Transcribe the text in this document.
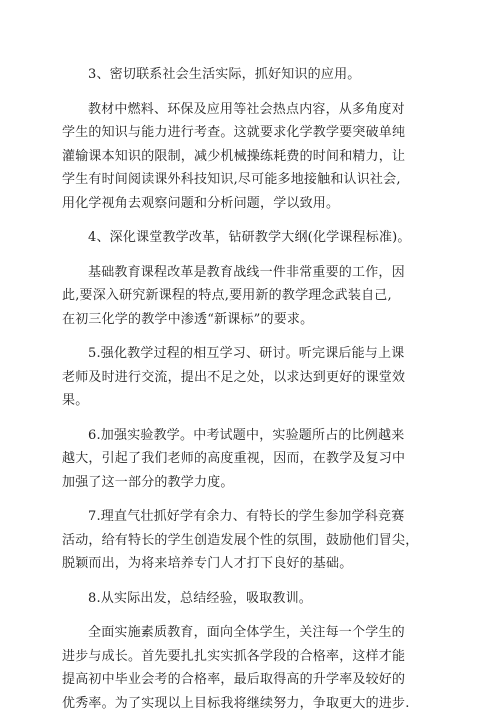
3、密切联系社会生活实际，抓好知识的应用。
教材中燃料、环保及应用等社会热点内容，从多角度对
学生的知识与能力进行考查。这就要求化学教学要突破单纯
灌输课本知识的限制，减少机械操练耗费的时间和精力，让
学生有时间阅读课外科技知识,尽可能多地接触和认识社会,
用化学视角去观察问题和分析问题，学以致用。
4、深化课堂教学改革，钻研教学大纲(化学课程标准)。
基础教育课程改革是教育战线一件非常重要的工作，因
此,要深入研究新课程的特点,要用新的教学理念武装自己,
在初三化学的教学中渗透“新课标”的要求。
5.强化教学过程的相互学习、研讨。听完课后能与上课
老师及时进行交流，提出不足之处，以求达到更好的课堂效
果。
6.加强实验教学。中考试题中，实验题所占的比例越来
越大，引起了我们老师的高度重视，因而，在教学及复习中
加强了这一部分的教学力度。
7.理直气壮抓好学有余力、有特长的学生参加学科竞赛
活动，给有特长的学生创造发展个性的氛围，鼓励他们冒尖，
脱颖而出，为将来培养专门人才打下良好的基础。
8.从实际出发，总结经验，吸取教训。
全面实施素质教育，面向全体学生，关注每一个学生的
进步与成长。首先要扎扎实实抓各学段的合格率，这样才能
提高初中毕业会考的合格率，最后取得高的升学率及较好的
优秀率。为了实现以上目标我将继续努力，争取更大的进步.
